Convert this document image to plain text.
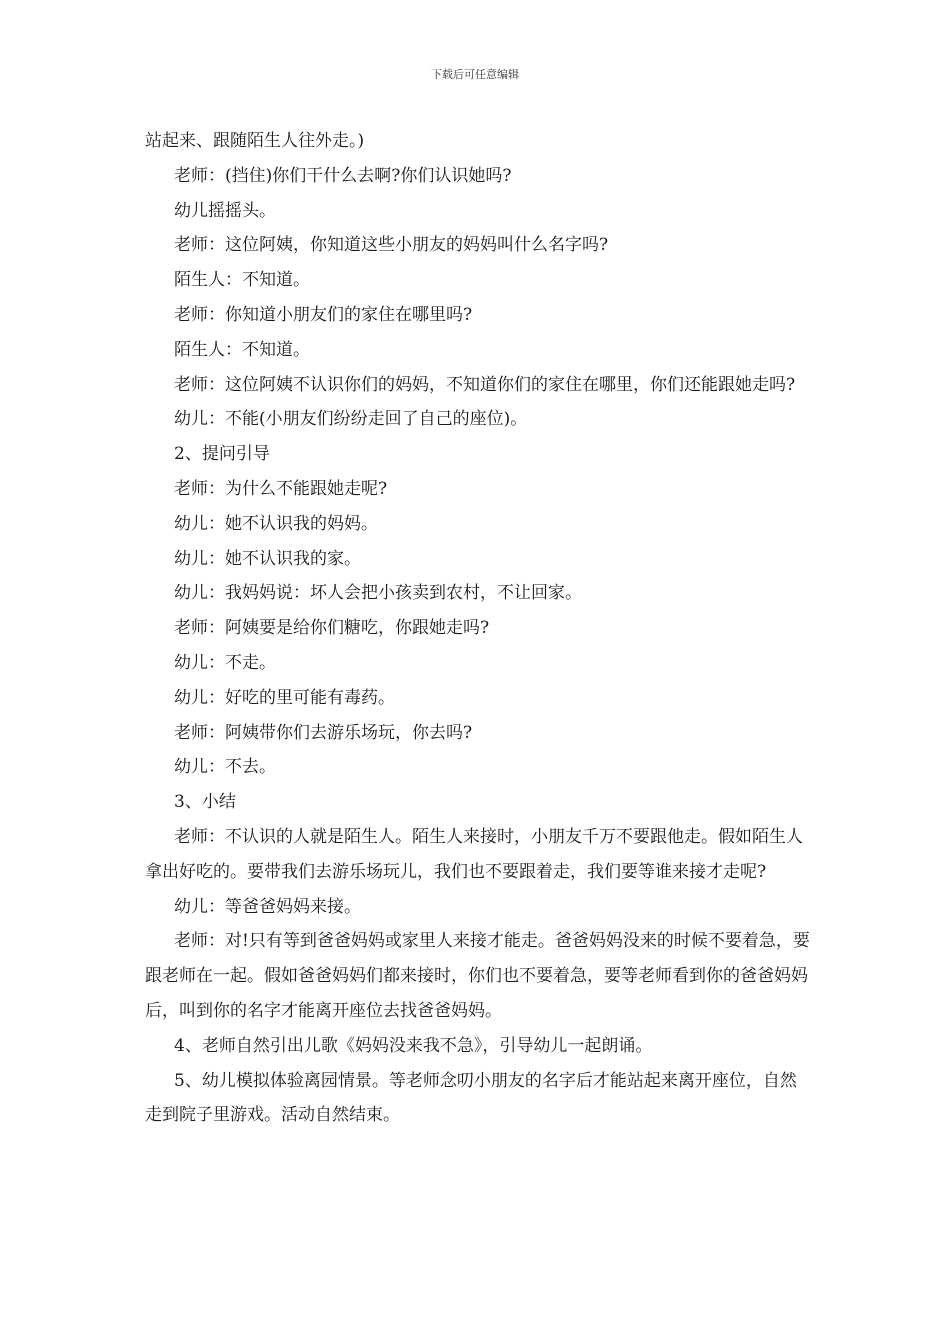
下载后可任意编辑

站起来、跟随陌生人往外走。)

老师：(挡住)你们干什么去啊?你们认识她吗?

幼儿摇摇头。

老师：这位阿姨，你知道这些小朋友的妈妈叫什么名字吗?

陌生人：不知道。

老师：你知道小朋友们的家住在哪里吗?

陌生人：不知道。

老师：这位阿姨不认识你们的妈妈，不知道你们的家住在哪里，你们还能跟她走吗?

幼儿：不能(小朋友们纷纷走回了自己的座位)。

2、提问引导

老师：为什么不能跟她走呢?

幼儿：她不认识我的妈妈。

幼儿：她不认识我的家。

幼儿：我妈妈说：坏人会把小孩卖到农村，不让回家。

老师：阿姨要是给你们糖吃，你跟她走吗?

幼儿：不走。

幼儿：好吃的里可能有毒药。

老师：阿姨带你们去游乐场玩，你去吗?

幼儿：不去。

3、小结

老师：不认识的人就是陌生人。陌生人来接时，小朋友千万不要跟他走。假如陌生人拿出好吃的。要带我们去游乐场玩儿，我们也不要跟着走，我们要等谁来接才走呢?

幼儿：等爸爸妈妈来接。

老师：对!只有等到爸爸妈妈或家里人来接才能走。爸爸妈妈没来的时候不要着急，要跟老师在一起。假如爸爸妈妈们都来接时，你们也不要着急，要等老师看到你的爸爸妈妈后，叫到你的名字才能离开座位去找爸爸妈妈。

4、老师自然引出儿歌《妈妈没来我不急》，引导幼儿一起朗诵。

5、幼儿模拟体验离园情景。等老师念叨小朋友的名字后才能站起来离开座位，自然走到院子里游戏。活动自然结束。
